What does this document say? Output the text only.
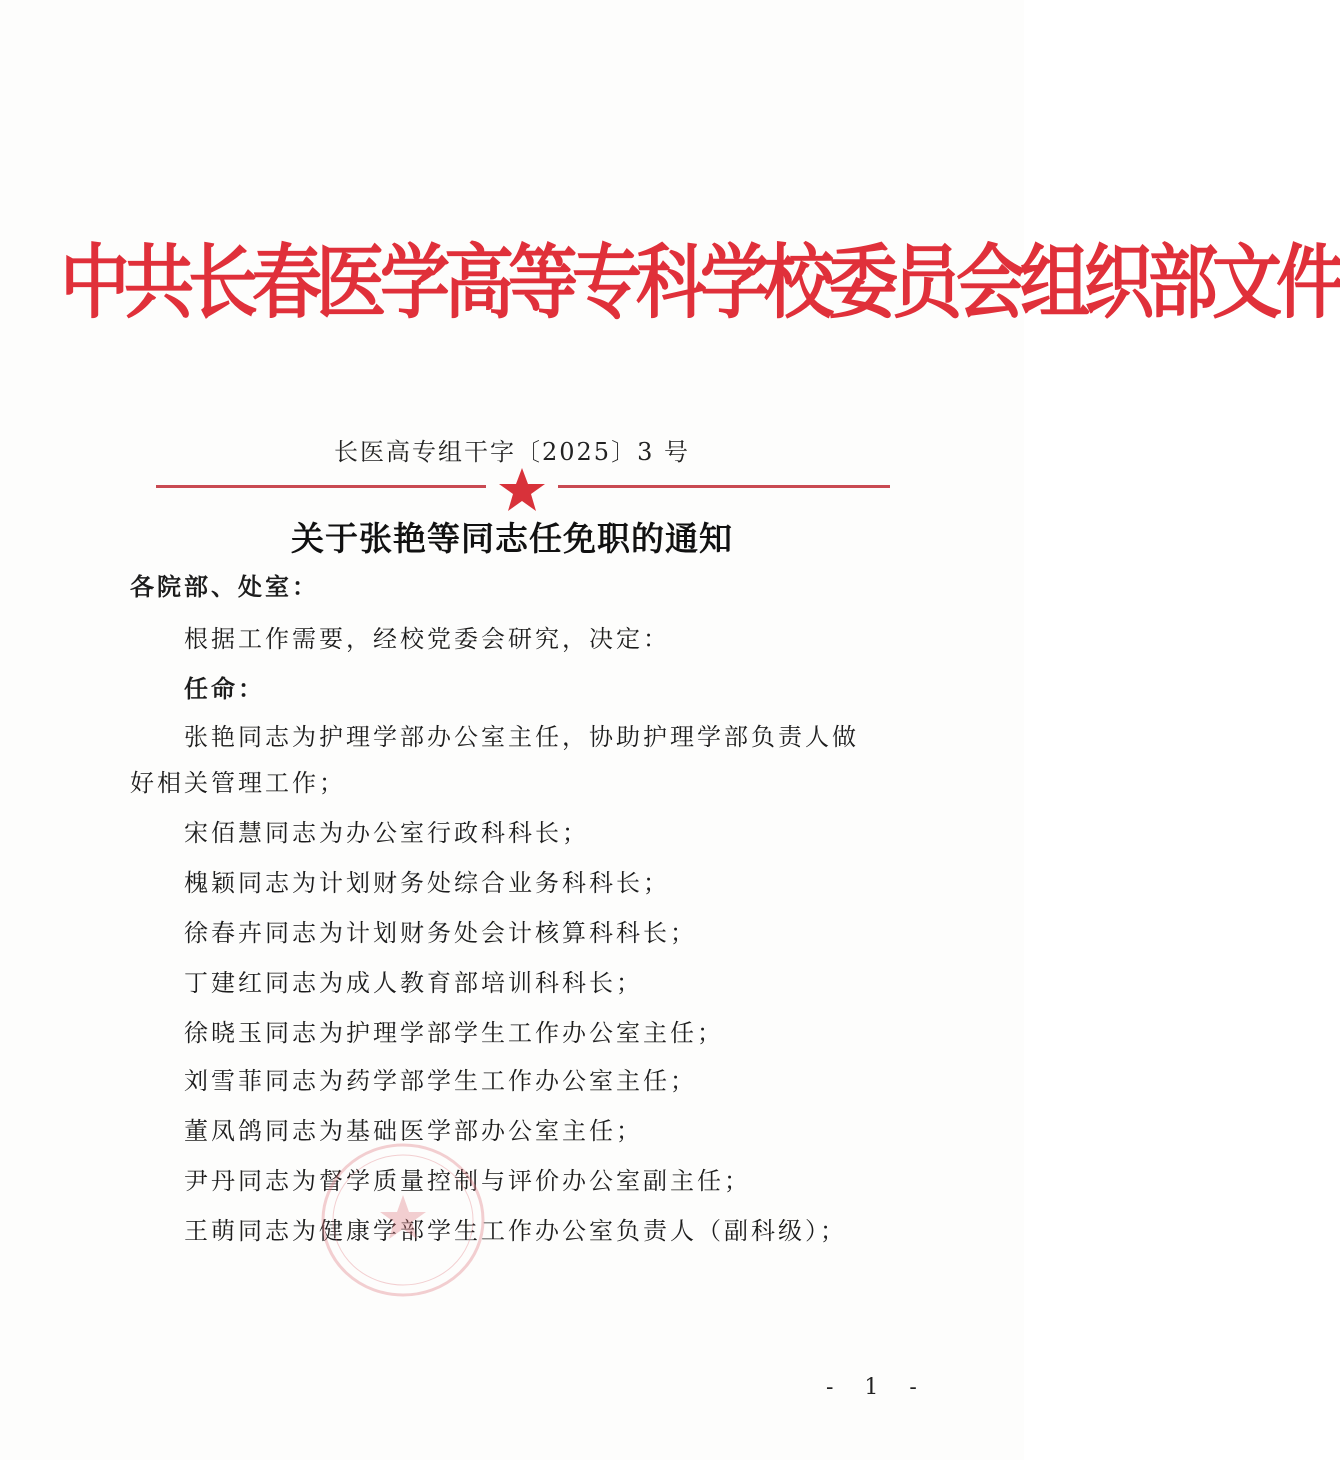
中共长春医学高等专科学校委员会组织部文件
长医高专组干字〔2025〕3 号
关于张艳等同志任免职的通知
各院部、处室：
根据工作需要，经校党委会研究，决定：
任命：
张艳同志为护理学部办公室主任，协助护理学部负责人做
好相关管理工作；
宋佰慧同志为办公室行政科科长；
槐颖同志为计划财务处综合业务科科长；
徐春卉同志为计划财务处会计核算科科长；
丁建红同志为成人教育部培训科科长；
徐晓玉同志为护理学部学生工作办公室主任；
刘雪菲同志为药学部学生工作办公室主任；
董凤鸽同志为基础医学部办公室主任；
尹丹同志为督学质量控制与评价办公室副主任；
王萌同志为健康学部学生工作办公室负责人（副科级）；
- 1 -
